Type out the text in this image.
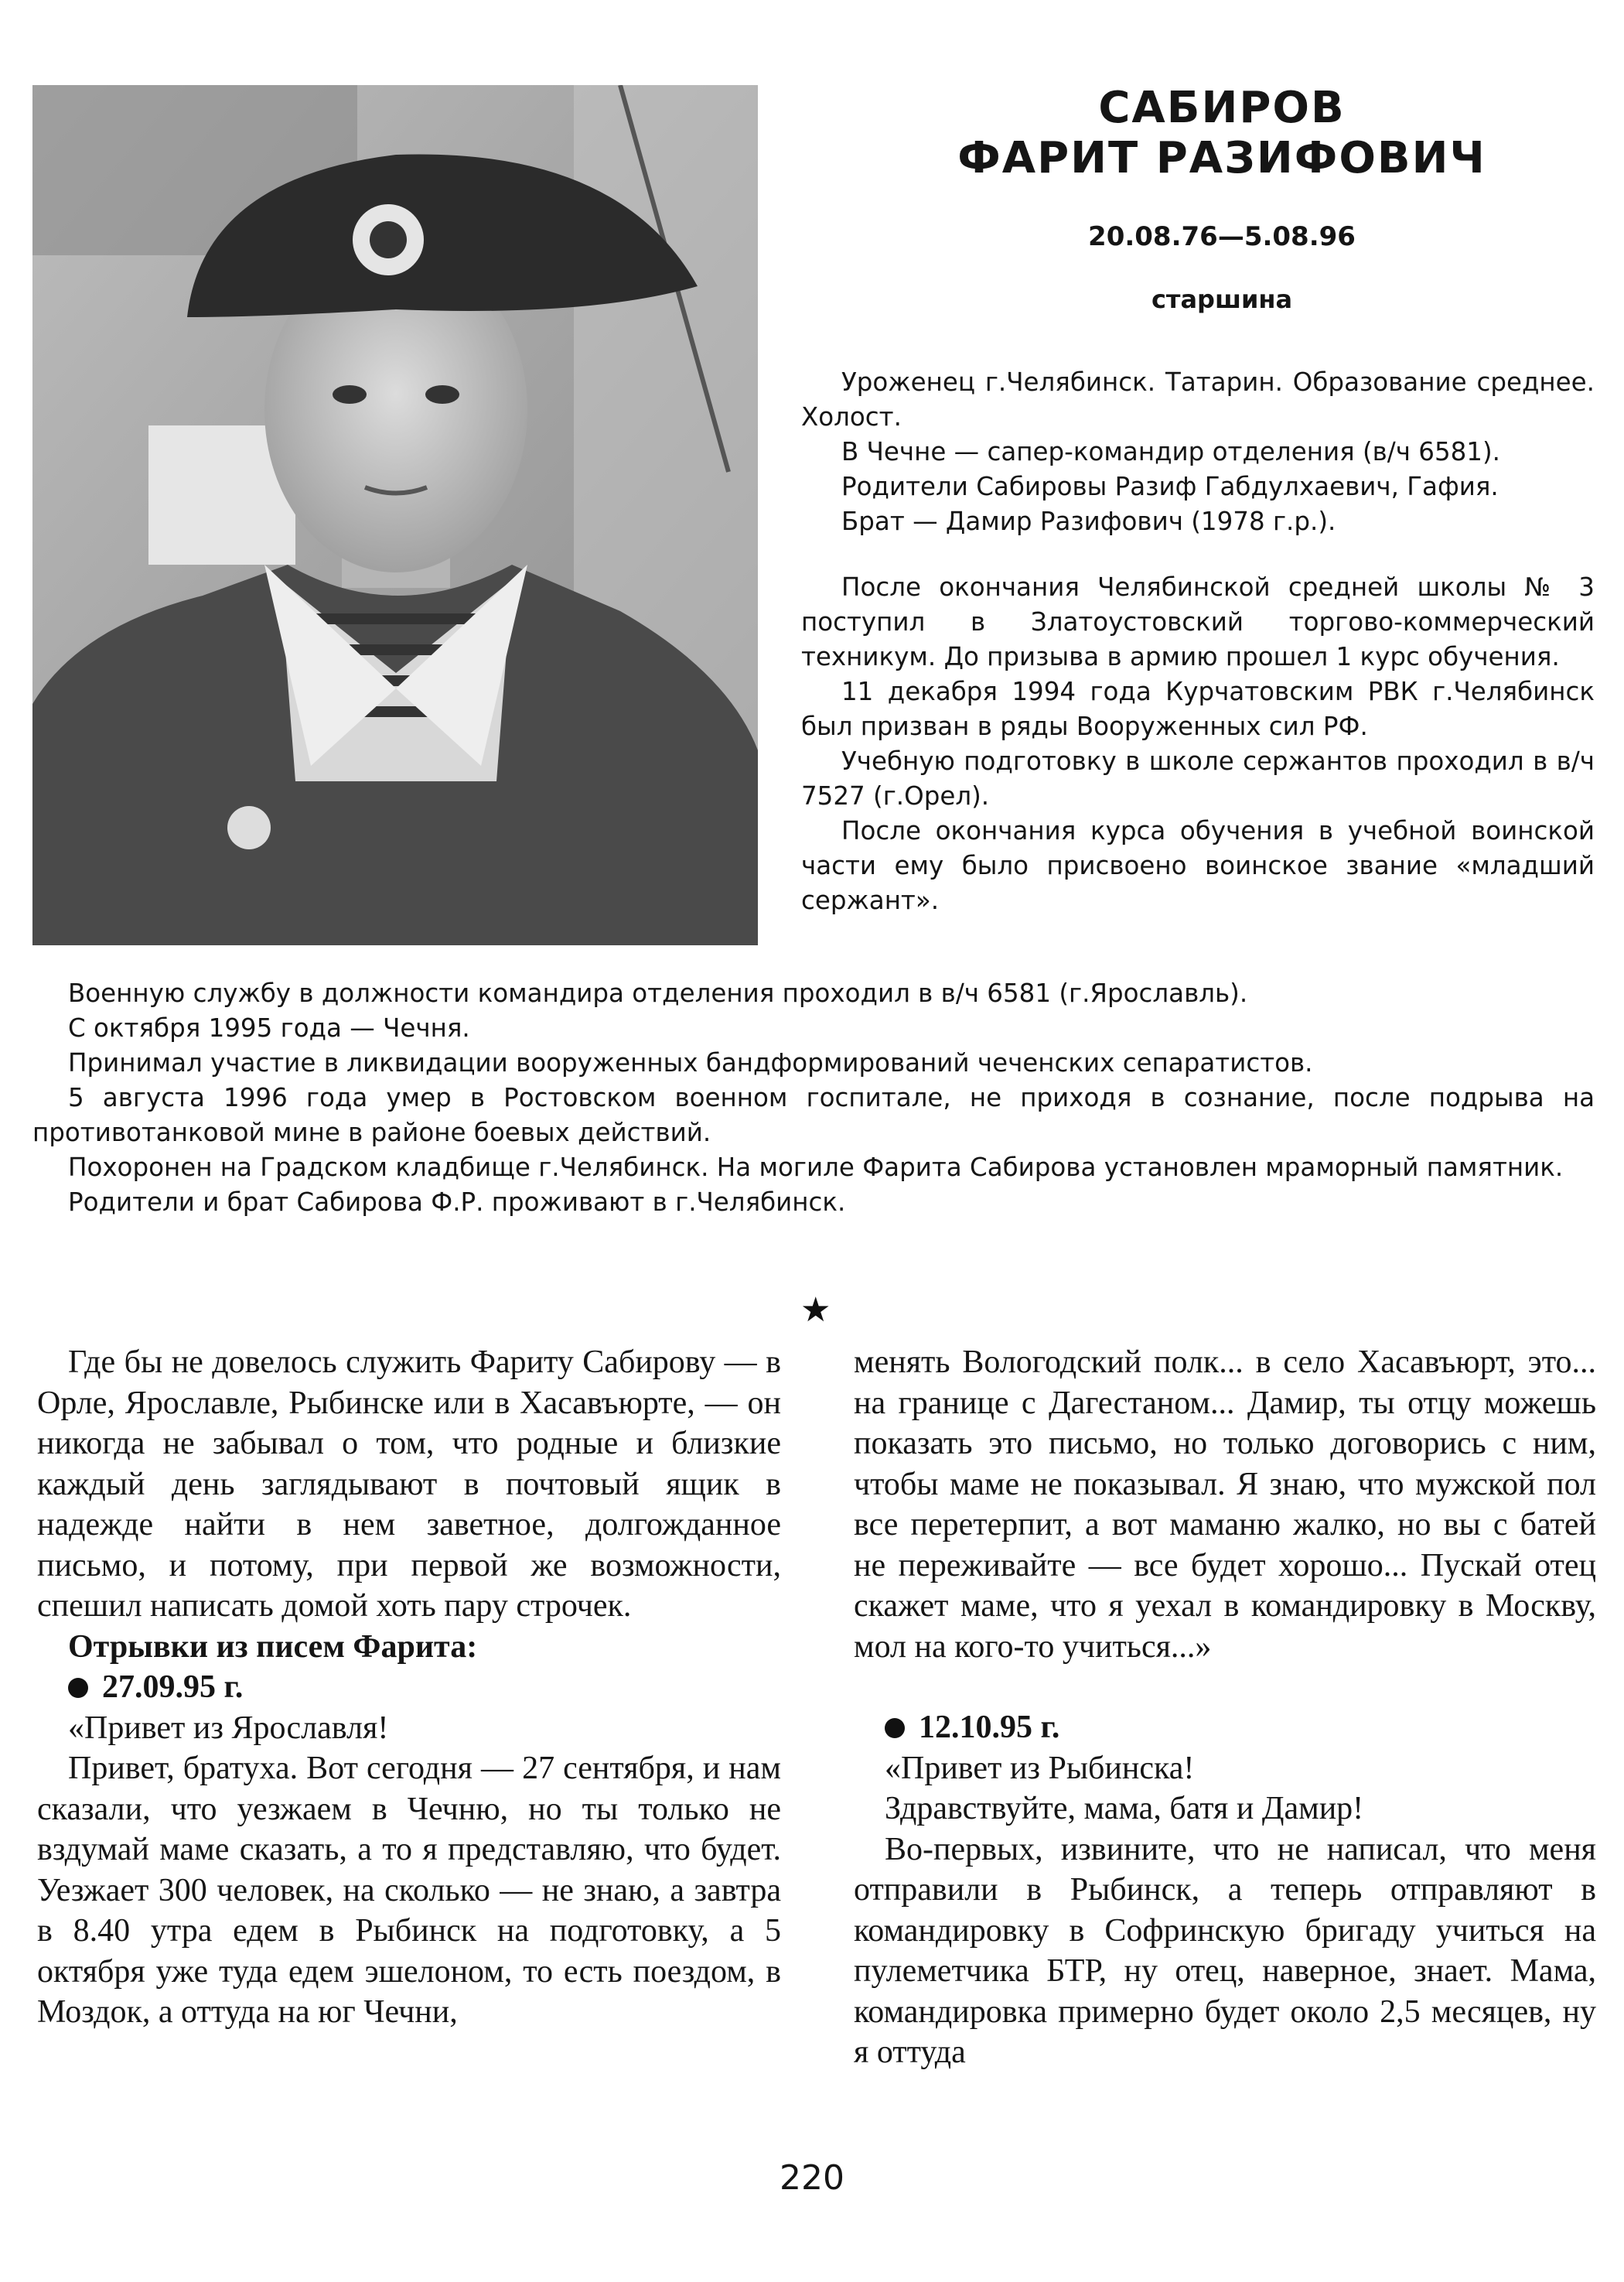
САБИРОВ
ФАРИТ РАЗИФОВИЧ
20.08.76—5.08.96
старшина

Уроженец г.Челябинск. Татарин. Образование среднее. Холост.

В Чечне — сапер-командир отделения (в/ч 6581).

Родители Сабировы Разиф Габдулхаевич, Гафия.

Брат — Дамир Разифович (1978 г.р.).

После окончания Челябинской средней школы № 3 поступил в Златоустовский торгово-коммерческий техникум. До призыва в армию прошел 1 курс обучения.

11 декабря 1994 года Курчатовским РВК г.Челябинск был призван в ряды Вооруженных сил РФ.

Учебную подготовку в школе сержантов проходил в в/ч 7527 (г.Орел).

После окончания курса обучения в учебной воинской части ему было присвоено воинское звание «младший сержант».

Военную службу в должности командира отделения проходил в в/ч 6581 (г.Ярославль).

С октября 1995 года — Чечня.

Принимал участие в ликвидации вооруженных бандформирований чеченских сепаратистов.

5 августа 1996 года умер в Ростовском военном госпитале, не приходя в сознание, после подрыва на противотанковой мине в районе боевых действий.

Похоронен на Градском кладбище г.Челябинск. На могиле Фарита Сабирова установлен мраморный памятник.

Родители и брат Сабирова Ф.Р. проживают в г.Челябинск.

★

Где бы не довелось служить Фариту Сабирову — в Орле, Ярославле, Рыбинске или в Хасавъюрте, — он никогда не забывал о том, что родные и близкие каждый день заглядывают в почтовый ящик в надежде найти в нем заветное, долгожданное письмо, и потому, при первой же возможности, спешил написать домой хоть пару строчек.

Отрывки из писем Фарита:

27.09.95 г.

«Привет из Ярославля!

Привет, братуха. Вот сегодня — 27 сентября, и нам сказали, что уезжаем в Чечню, но ты только не вздумай маме сказать, а то я представляю, что будет. Уезжает 300 человек, на сколько — не знаю, а завтра в 8.40 утра едем в Рыбинск на подготовку, а 5 октября уже туда едем эшелоном, то есть поездом, в Моздок, а оттуда на юг Чечни,

менять Вологодский полк... в село Хасавъюрт, это... на границе с Дагестаном... Дамир, ты отцу можешь показать это письмо, но только договорись с ним, чтобы маме не показывал. Я знаю, что мужской пол все перетерпит, а вот маманю жалко, но вы с батей не переживайте — все будет хорошо... Пускай отец скажет маме, что я уехал в командировку в Москву, мол на кого-то учиться...»

12.10.95 г.

«Привет из Рыбинска!

Здравствуйте, мама, батя и Дамир!

Во-первых, извините, что не написал, что меня отправили в Рыбинск, а теперь отправляют в командировку в Софринскую бригаду учиться на пулеметчика БТР, ну отец, наверное, знает. Мама, командировка примерно будет около 2,5 месяцев, ну я оттуда

220
